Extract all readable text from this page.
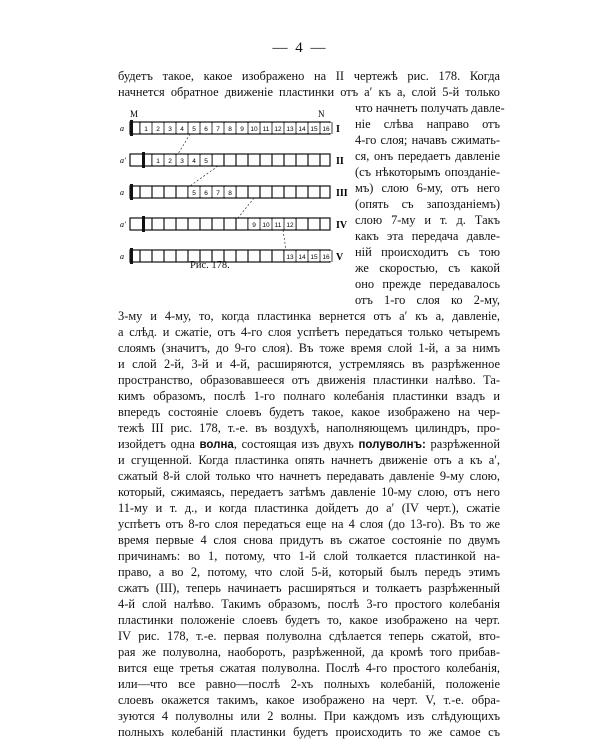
— 4 —
M	N
a	I
1 2 3 4 5 6 7 8 9 10 11 12 13 14 15 16
a′	II
1 2 3 4 5
a	III
5 6 7 8
a′	IV
9 10 11 12
a	V
13 14 15 16
Рис. 178.
будетъ такое, какое изображено на II чертежѣ рис. 178. Когда
начнется обратное движеніе пластинки отъ a′ къ a, слой 5-й только
что начнетъ получать давле-
ніе слѣва направо отъ
4-го слоя; начавъ сжимать-
ся, онъ передаетъ давленіе
(съ нѣкоторымъ опозданіе-
мъ) слою 6-му, отъ него
(опять съ запозданіемъ)
слою 7-му и т. д. Такъ
какъ эта передача давле-
ній происходитъ съ тою
же скоростью, съ какой
оно прежде передавалось
отъ 1-го слоя ко 2-му,
3-му и 4-му, то, когда пластинка вернется отъ a′ къ a, давленіе,
а слѣд. и сжатіе, отъ 4-го слоя успѣетъ передаться только четыремъ
слоямъ (значитъ, до 9-го слоя). Въ тоже время слой 1-й, а за нимъ
и слой 2-й, 3-й и 4-й, расширяются, устремляясь въ разрѣженное
пространство, образовавшееся отъ движенія пластинки налѣво. Та-
кимъ образомъ, послѣ 1-го полнаго колебанія пластинки взадъ и
впередъ состояніе слоевъ будетъ такое, какое изображено на чер-
тежѣ III рис. 178, т.-е. въ воздухѣ, наполняющемъ цилиндръ, про-
изойдетъ одна волна, состоящая изъ двухъ полуволнъ: разрѣженной
и сгущенной. Когда пластинка опять начнетъ движеніе отъ a къ a′,
сжатый 8-й слой только что начнетъ передавать давленіе 9-му слою,
который, сжимаясь, передаетъ затѣмъ давленіе 10-му слою, отъ него
11-му и т. д., и когда пластинка дойдетъ до a′ (IV черт.), сжатіе
успѣетъ отъ 8-го слоя передаться еще на 4 слоя (до 13-го). Въ то же
время первые 4 слоя снова придутъ въ сжатое состояніе по двумъ
причинамъ: во 1, потому, что 1-й слой толкается пластинкой на-
право, а во 2, потому, что слой 5-й, который былъ передъ этимъ
сжатъ (III), теперь начинаетъ расширяться и толкаетъ разрѣженный
4-й слой налѣво. Такимъ образомъ, послѣ 3-го простого колебанія
пластинки положеніе слоевъ будетъ то, какое изображено на черт.
IV рис. 178, т.-е. первая полуволна сдѣлается теперь сжатой, вто-
рая же полуволна, наоборотъ, разрѣженной, да кромѣ того прибав-
вится еще третья сжатая полуволна. Послѣ 4-го простого колебанія,
или—что все равно—послѣ 2-хъ полныхъ колебаній, положеніе
слоевъ окажется такимъ, какое изображено на черт. V, т.-е. обра-
зуются 4 полуволны или 2 волны. При каждомъ изъ слѣдующихъ
полныхъ колебаній пластинки будетъ происходить то же самое съ
